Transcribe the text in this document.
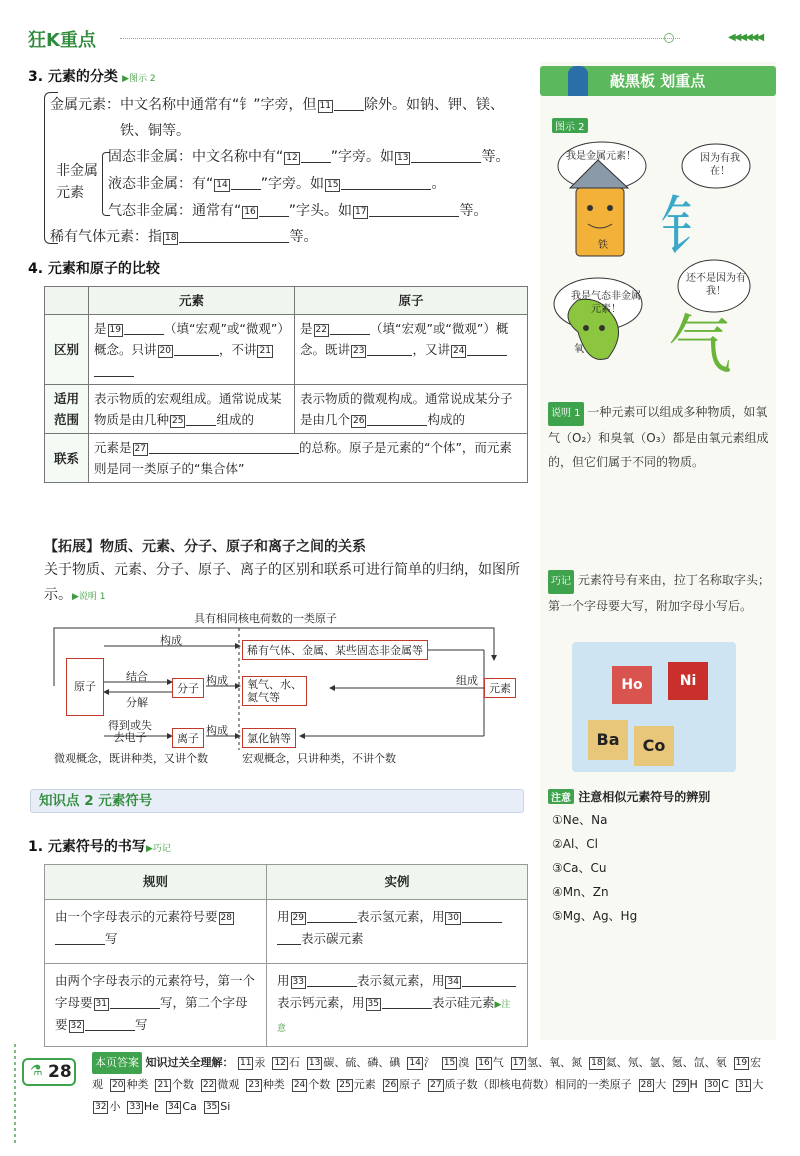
狂K重点	◀◀◀◀◀◀
3. 元素的分类 ▶图示 2
金属元素：中文名称中通常有“钅”字旁，但 11 除外。如钠、钾、镁、
铁、铜等。
非金属
元素
固态非金属：中文名称中有“ 12 ”字旁。如 13	等。
液态非金属：有“ 14 ”字旁。如 15	。
气态非金属：通常有“ 16 ”字头。如 17	等。
稀有气体元素：指 18	等。
4. 元素和原子的比较
	元素	原子
区别	是 19 （填“宏观”或“微观”）概念。只讲 20 ，不讲 21	是 22 （填“宏观”或“微观”）概念。既讲 23 ，又讲 24
适用范围	表示物质的宏观组成。通常说成某物质是由几种 25 组成的	表示物质的微观构成。通常说成某分子是由几个 26 构成的
联系	元素是 27 的总称。原子是元素的“个体”，而元素则是同一类原子的“集合体”	
【拓展】物质、元素、分子、原子和离子之间的关系
关于物质、元素、分子、原子、离子的区别和联系可进行简单的归纳，如图所示。▶说明 1
具有相同核电荷数的一类原子
原子	元素
分子
离子
稀有气体、金属、某些固态非金属等
氧气、水、
氦气等
氯化钠等
构成
构成
构成
组成
结合
分解
得到或失
去电子
微观概念，既讲种类，又讲个数	宏观概念，只讲种类，不讲个数
知识点 2 元素符号
1. 元素符号的书写▶巧记
规则	实例
由一个字母表示的元素符号要 28写	用 29 表示氢元素，用 30表示碳元素
由两个字母表示的元素符号，第一个字母要 31 写，第二个字母要 32 写	用 33 表示氦元素，用 34表示钙元素，用 35 表示硅元素▶注意
敲黑板 划重点
图示 2
我是金属元素！	因为有我在！
我是气态非金属元素！
还不是因为有我！
钅
气
铁
氧
说明 1 一种元素可以组成多种物质，如氧气（O₂）和臭氧（O₃）都是由氧元素组成的，但它们属于不同的物质。
巧记 元素符号有来由，拉丁名称取字头；第一个字母要大写，附加字母小写后。
Ho	Ni
Ba	Co
注意 注意相似元素符号的辨别
①Ne、Na
②Al、Cl
③Ca、Cu
④Mn、Zn
⑤Mg、Ag、Hg
⚗ 28 本页答案 知识过关全理解： 11 汞 12 石 13 碳、硫、磷、碘 14 氵 15 溴 16 气 17 氢、氧、氮 18 氦、氖、氩、氪、氙、氡 19 宏观 20 种类 21 个数 22 微观 23 种类 24 个数 25 元素 26 原子 27 质子数（即核电荷数）相同的一类原子 28 大 29 H 30 C 31 大32 小 33 He 34 Ca 35 Si
